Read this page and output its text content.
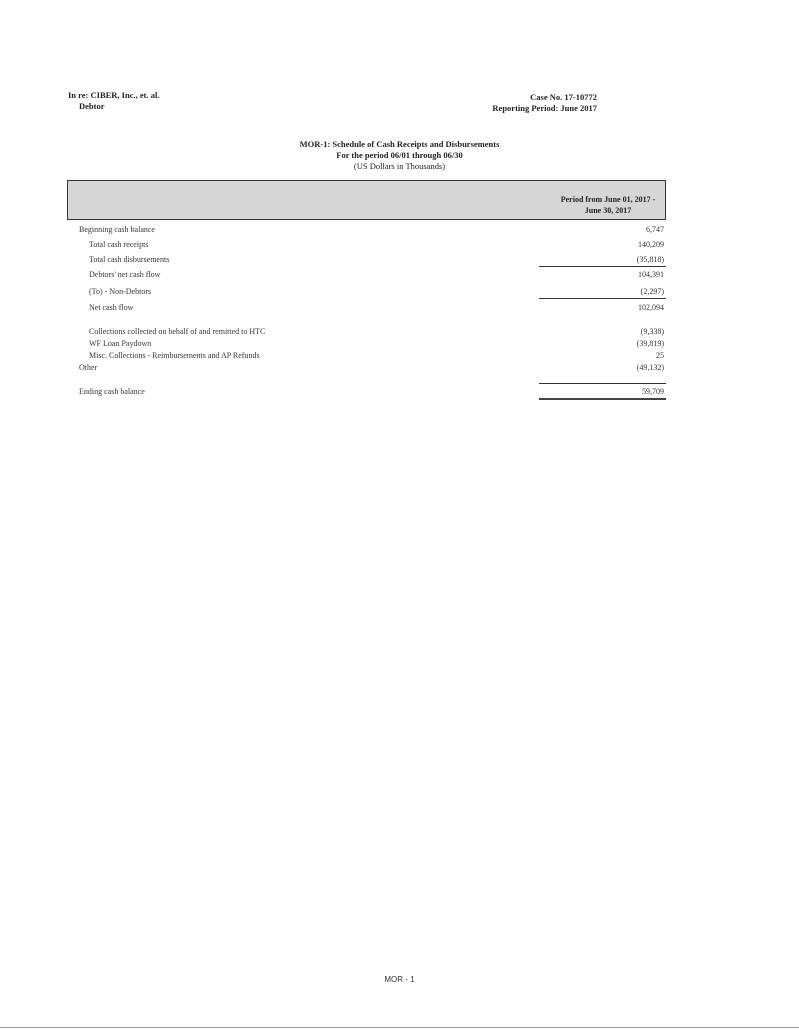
In re: CIBER, Inc., et. al.
Debtor
Case No. 17-10772
Reporting Period: June 2017
MOR-1: Schedule of Cash Receipts and Disbursements
For the period 06/01 through 06/30
(US Dollars in Thousands)
Period from June 01, 2017 -
June 30, 2017
Beginning cash balance	6,747
Total cash receipts	140,209
Total cash disbursements	(35,818)
Debtors' net cash flow	104,391
(To) - Non-Debtors	(2,297)
Net cash flow	102,094
Collections collected on behalf of and remitted to HTC	(9,338)
WF Loan Paydown	(39,819)
Misc. Collections - Reimbursements and AP Refunds	25
Other	(49,132)
Ending cash balance	59,709
MOR - 1
